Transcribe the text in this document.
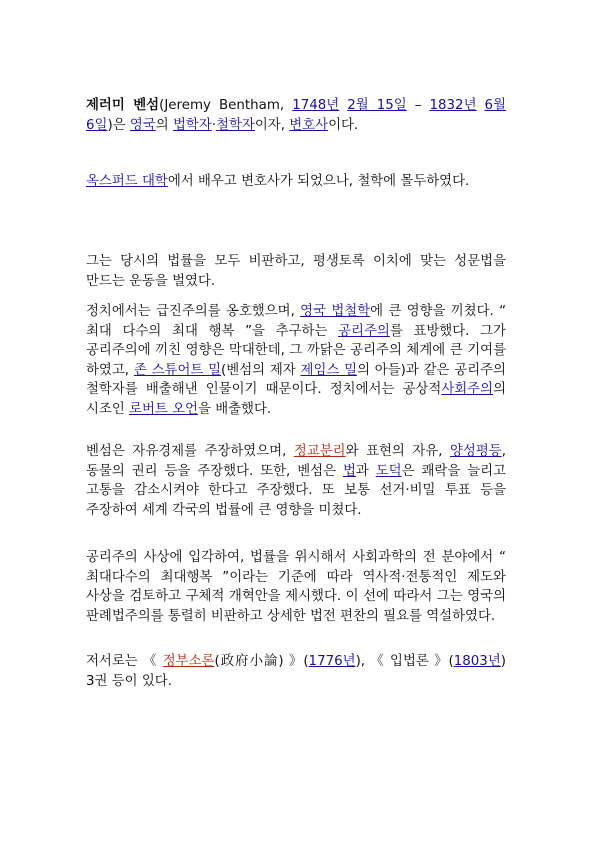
제러미 벤섬(Jeremy Bentham, 1748년 2월 15일 – 1832년 6월 6일)은 영국의 법학자·철학자이자, 변호사이다.

옥스퍼드 대학에서 배우고 변호사가 되었으나, 철학에 몰두하였다.

그는 당시의 법률을 모두 비판하고, 평생토록 이치에 맞는 성문법을 만드는 운동을 벌였다.

정치에서는 급진주의를 옹호했으며, 영국 법철학에 큰 영향을 끼쳤다. “ 최대 다수의 최대 행복 ”을 추구하는 공리주의를 표방했다. 그가 공리주의에 끼친 영향은 막대한데, 그 까닭은 공리주의 체계에 큰 기여를 하였고, 존 스튜어트 밀(벤섬의 제자 제임스 밀의 아들)과 같은 공리주의 철학자를 배출해낸 인물이기 때문이다. 정치에서는 공상적사회주의의 시조인 로버트 오언을 배출했다.

벤섬은 자유경제를 주장하였으며, 정교분리와 표현의 자유, 양성평등, 동물의 권리 등을 주장했다. 또한, 벤섬은 법과 도덕은 쾌락을 늘리고 고통을 감소시켜야 한다고 주장했다. 또 보통 선거·비밀 투표 등을 주장하여 세계 각국의 법률에 큰 영향을 미쳤다.

공리주의 사상에 입각하여, 법률을 위시해서 사회과학의 전 분야에서 “ 최대다수의 최대행복 ”이라는 기준에 따라 역사적·전통적인 제도와 사상을 검토하고 구체적 개혁안을 제시했다. 이 선에 따라서 그는 영국의 판례법주의를 통렬히 비판하고 상세한 법전 편찬의 필요를 역설하였다.

저서로는 《 정부소론(政府小論) 》(1776년), 《 입법론 》(1803년) 3권 등이 있다.
